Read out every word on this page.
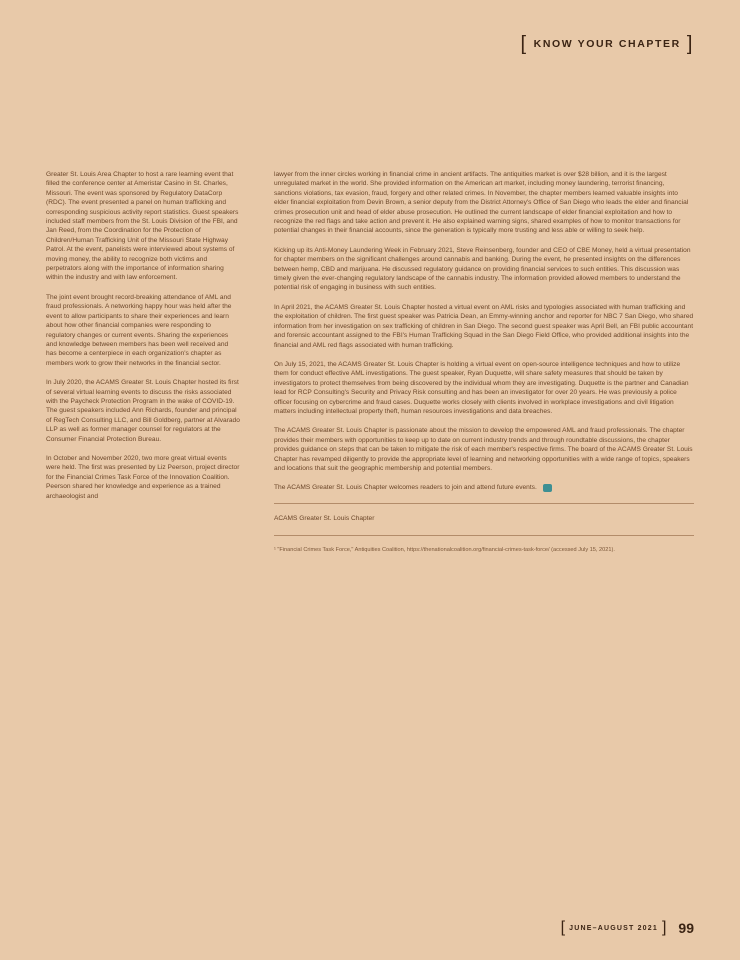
[ KNOW YOUR CHAPTER ]

Greater St. Louis Area Chapter to host a rare learning event that filled the conference center at Ameristar Casino in St. Charles, Missouri. The event was sponsored by Regulatory DataCorp (RDC). The event presented a panel on human trafficking and corresponding suspicious activity report statistics. Guest speakers included staff members from the St. Louis Division of the FBI, and Jan Reed, from the Coordination for the Protection of Children/Human Trafficking Unit of the Missouri State Highway Patrol. At the event, panelists were interviewed about systems of moving money, the ability to recognize both victims and perpetrators along with the importance of information sharing within the industry and with law enforcement.

The joint event brought record-breaking attendance of AML and fraud professionals. A networking happy hour was held after the event to allow participants to share their experiences and learn about how other financial companies were responding to regulatory changes or current events. Sharing the experiences and knowledge between members has been well received and has become a centerpiece in each organization's chapter as members work to grow their networks in the financial sector.

In July 2020, the ACAMS Greater St. Louis Chapter hosted its first of several virtual learning events to discuss the risks associated with the Paycheck Protection Program in the wake of COVID-19. The guest speakers included Ann Richards, founder and principal of RegTech Consulting LLC, and Bill Goldberg, partner at Alvarado LLP as well as former manager counsel for regulators at the Consumer Financial Protection Bureau.

In October and November 2020, two more great virtual events were held. The first was presented by Liz Peerson, project director for the Financial Crimes Task Force of the Innovation Coalition. Peerson shared her knowledge and experience as a trained archaeologist and

lawyer from the inner circles working in financial crime in ancient artifacts. The antiquities market is over $28 billion, and it is the largest unregulated market in the world. She provided information on the American art market, including money laundering, terrorist financing, sanctions violations, tax evasion, fraud, forgery and other related crimes. In November, the chapter members learned valuable insights into elder financial exploitation from Devin Brown, a senior deputy from the District Attorney's Office of San Diego who leads the elder and financial crimes prosecution unit and head of elder abuse prosecution. He outlined the current landscape of elder financial exploitation and how to recognize the red flags and take action and prevent it. He also explained warning signs, shared examples of how to monitor transactions for potential changes in their financial accounts, since the generation is typically more trusting and less able or willing to seek help.

Kicking up its Anti-Money Laundering Week in February 2021, Steve Reinsenberg, founder and CEO of CBE Money, held a virtual presentation for chapter members on the significant challenges around cannabis and banking. During the event, he presented insights on the differences between hemp, CBD and marijuana. He discussed regulatory guidance on providing financial services to such entities. This discussion was timely given the ever-changing regulatory landscape of the cannabis industry. The information provided allowed members to understand the potential risk of engaging in business with such entities.

In April 2021, the ACAMS Greater St. Louis Chapter hosted a virtual event on AML risks and typologies associated with human trafficking and the exploitation of children. The first guest speaker was Patricia Dean, an Emmy-winning anchor and reporter for NBC 7 San Diego, who shared information from her investigation on sex trafficking of children in San Diego. The second guest speaker was April Bell, an FBI public accountant and forensic accountant assigned to the FBI's Human Trafficking Squad in the San Diego Field Office, who provided additional insights into the financial and AML red flags associated with human trafficking.

On July 15, 2021, the ACAMS Greater St. Louis Chapter is holding a virtual event on open-source intelligence techniques and how to utilize them for conduct effective AML investigations. The guest speaker, Ryan Duquette, will share safety measures that should be taken by investigators to protect themselves from being discovered by the individual whom they are investigating. Duquette is the partner and Canadian lead for RCP Consulting's Security and Privacy Risk consulting and has been an investigator for over 20 years. He was previously a police officer focusing on cybercrime and fraud cases. Duquette works closely with clients involved in workplace investigations and civil litigation matters including intellectual property theft, human resources investigations and data breaches.

The ACAMS Greater St. Louis Chapter is passionate about the mission to develop the empowered AML and fraud professionals. The chapter provides their members with opportunities to keep up to date on current industry trends and through roundtable discussions, the chapter provides guidance on steps that can be taken to mitigate the risk of each member's respective firms. The board of the ACAMS Greater St. Louis Chapter has revamped diligently to provide the appropriate level of learning and networking opportunities with a wide range of topics, speakers and locations that suit the geographic membership and potential members.

The ACAMS Greater St. Louis Chapter welcomes readers to join and attend future events.

ACAMS Greater St. Louis Chapter
¹ "Financial Crimes Task Force," Antiquities Coalition, https://thenationalcoalition.org/financial-crimes-task-force/ (accessed July 15, 2021).
[ JUNE–AUGUST 2021 ] 99
